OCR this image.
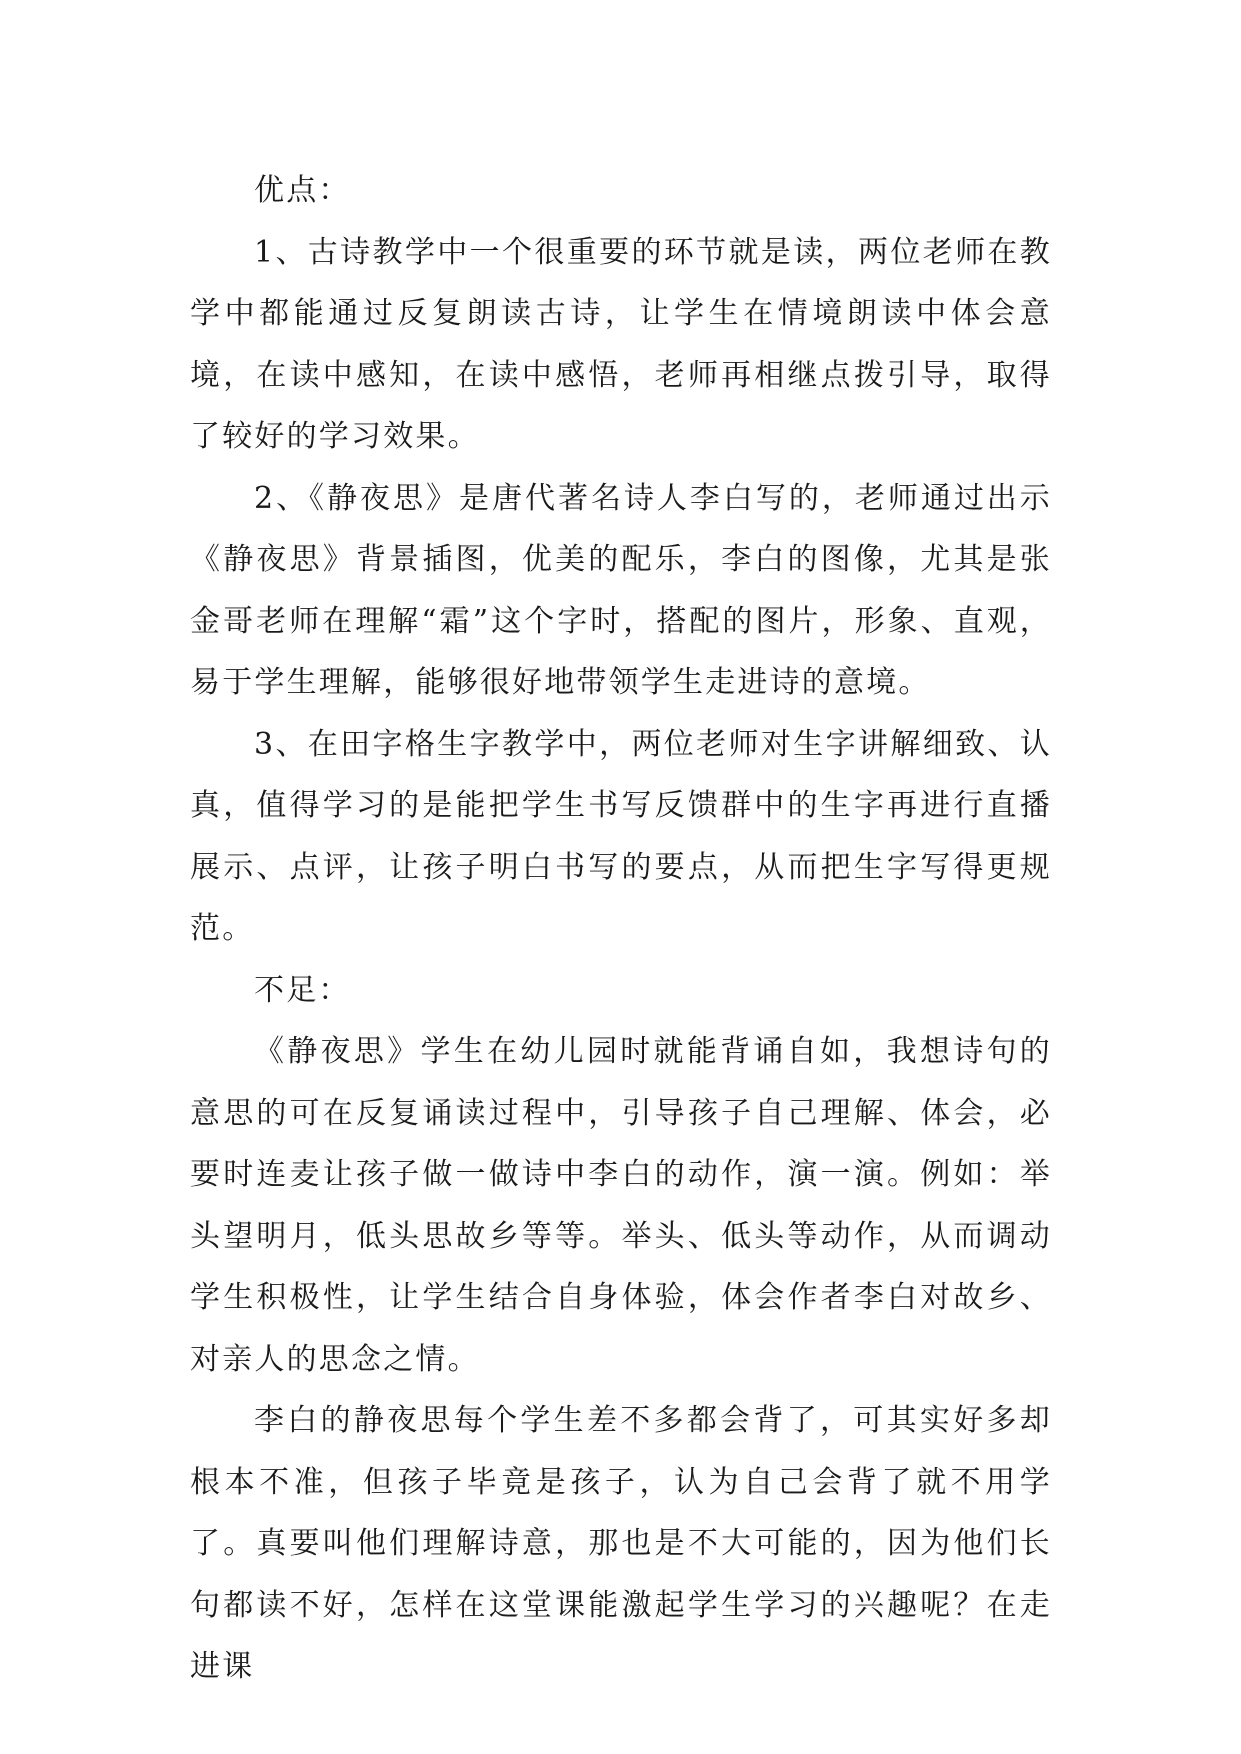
优点：

1、古诗教学中一个很重要的环节就是读，两位老师在教学中都能通过反复朗读古诗，让学生在情境朗读中体会意境，在读中感知，在读中感悟，老师再相继点拨引导，取得了较好的学习效果。

2、《静夜思》是唐代著名诗人李白写的，老师通过出示《静夜思》背景插图，优美的配乐，李白的图像，尤其是张金哥老师在理解“霜”这个字时，搭配的图片，形象、直观，易于学生理解，能够很好地带领学生走进诗的意境。

3、在田字格生字教学中，两位老师对生字讲解细致、认真，值得学习的是能把学生书写反馈群中的生字再进行直播展示、点评，让孩子明白书写的要点，从而把生字写得更规范。

不足：

《静夜思》学生在幼儿园时就能背诵自如，我想诗句的意思的可在反复诵读过程中，引导孩子自己理解、体会，必要时连麦让孩子做一做诗中李白的动作，演一演。例如：举头望明月，低头思故乡等等。举头、低头等动作，从而调动学生积极性，让学生结合自身体验，体会作者李白对故乡、对亲人的思念之情。

李白的静夜思每个学生差不多都会背了，可其实好多却根本不准，但孩子毕竟是孩子，认为自己会背了就不用学了。真要叫他们理解诗意，那也是不大可能的，因为他们长句都读不好，怎样在这堂课能激起学生学习的兴趣呢？在走进课
